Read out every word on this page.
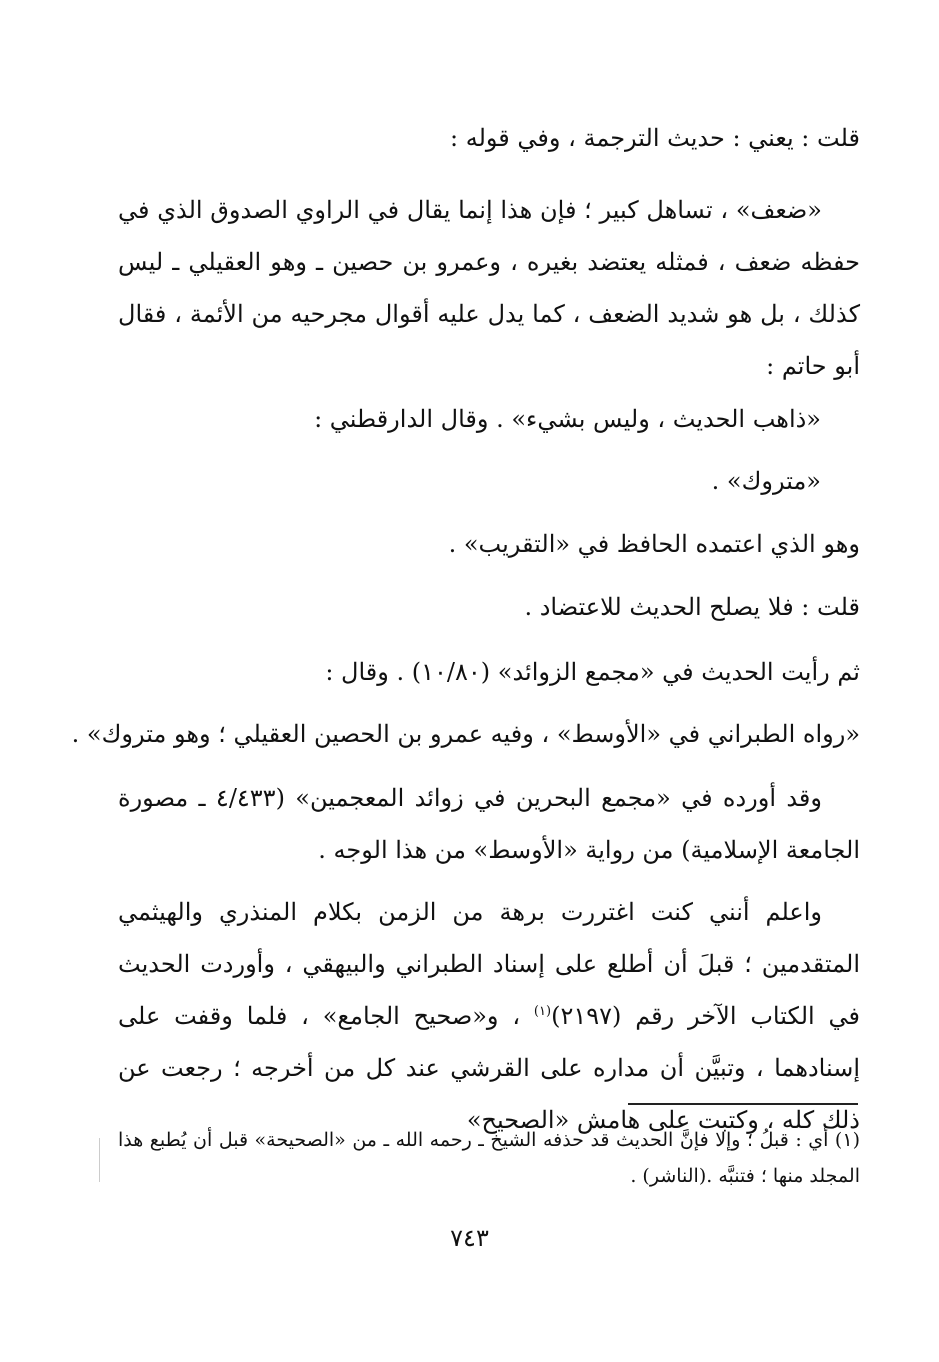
قلت : يعني : حديث الترجمة ، وفي قوله :

«ضعف» ، تساهل كبير ؛ فإن هذا إنما يقال في الراوي الصدوق الذي في حفظه ضعف ، فمثله يعتضد بغيره ، وعمرو بن حصين ـ وهو العقيلي ـ ليس كذلك ، بل هو شديد الضعف ، كما يدل عليه أقوال مجرحيه من الأئمة ، فقال أبو حاتم :

«ذاهب الحديث ، وليس بشيء» . وقال الدارقطني :
«متروك» .
وهو الذي اعتمده الحافظ في «التقريب» .
قلت : فلا يصلح الحديث للاعتضاد .
ثم رأيت الحديث في «مجمع الزوائد» (١٠/٨٠) . وقال :
«رواه الطبراني في «الأوسط» ، وفيه عمرو بن الحصين العقيلي ؛ وهو متروك» .

وقد أورده في «مجمع البحرين في زوائد المعجمين» (٤/٤٣٣ ـ مصورة الجامعة الإسلامية) من رواية «الأوسط» من هذا الوجه .

واعلم أنني كنت اغتررت برهة من الزمن بكلام المنذري والهيثمي المتقدمين ؛ قبلَ أن أطلع على إسناد الطبراني والبيهقي ، وأوردت الحديث في الكتاب الآخر رقم (٢١٩٧)$^{(١)}$ ، و«صحيح الجامع» ، فلما وقفت على إسنادهما ، وتبيَّن أن مداره على القرشي عند كل من أخرجه ؛ رجعت عن ذلك كله ، وكتبت على هامش «الصحيح»

(١) أي : قبلُ ؛ وإلا فإنَّ الحديث قد حذفه الشيخ ـ رحمه الله ـ من «الصحيحة» قبل أن يُطبع هذا المجلد منها ؛ فتنبَّه .(الناشر) .

٧٤٣
